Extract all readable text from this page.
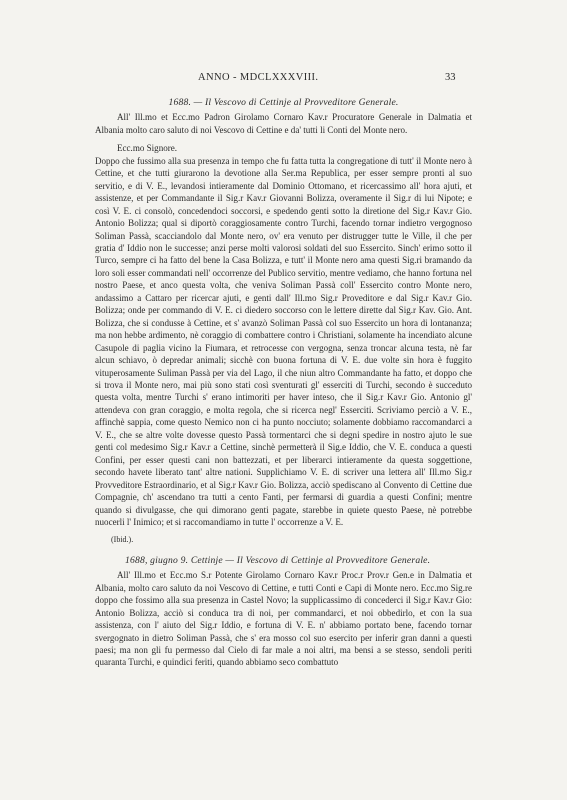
ANNO - MDCLXXXVIII.	33

1688. — Il Vescovo di Cettinje al Provveditore Generale.

All' Ill.mo et Ecc.mo Padron Girolamo Cornaro Kav.r Procuratore Generale in Dalmatia et Albania molto caro saluto di noi Vescovo di Cettine e da' tutti li Conti del Monte nero.

Ecc.mo Signore.

Doppo che fussimo alla sua presenza in tempo che fu fatta tutta la congregatione di tutt' il Monte nero à Cettine, et che tutti giurarono la devotione alla Ser.ma Republica, per esser sempre pronti al suo servitio, e di V. E., levandosi intieramente dal Dominio Ottomano, et ricercassimo all' hora ajuti, et assistenze, et per Commandante il Sig.r Kav.r Giovanni Bolizza, overamente il Sig.r di lui Nipote; e così V. E. ci consolò, concedendoci soccorsi, e spedendo genti sotto la diretione del Sig.r Kav.r Gio. Antonio Bolizza; qual si diportò coraggiosamente contro Turchi, facendo tornar indietro vergognoso Soliman Passà, scacciandolo dal Monte nero, ov' era venuto per distrugger tutte le Ville, il che per gratia d' Iddio non le successe; anzi perse molti valorosi soldati del suo Essercito. Sinch' erimo sotto il Turco, sempre ci ha fatto del bene la Casa Bolizza, e tutt' il Monte nero ama questi Sig.ri bramando da loro soli esser commandati nell' occorrenze del Publico servitio, mentre vediamo, che hanno fortuna nel nostro Paese, et anco questa volta, che veniva Soliman Passà coll' Essercito contro Monte nero, andassimo a Cattaro per ricercar ajuti, e genti dall' Ill.mo Sig.r Proveditore e dal Sig.r Kav.r Gio. Bolizza; onde per commando di V. E. ci diedero soccorso con le lettere dirette dal Sig.r Kav. Gio. Ant. Bolizza, che si condusse à Cettine, et s' avanzò Soliman Passà col suo Essercito un hora di lontananza; ma non hebbe ardimento, nè coraggio di combattere contro i Christiani, solamente ha incendiato alcune Casupole di paglia vicino la Fiumara, et retrocesse con vergogna, senza troncar alcuna testa, nè far alcun schiavo, ò depredar animali; sicchè con buona fortuna di V. E. due volte sin hora è fuggito vituperosamente Suliman Passà per via del Lago, il che niun altro Commandante ha fatto, et doppo che si trova il Monte nero, mai più sono stati così sventurati gl' esserciti di Turchi, secondo è succeduto questa volta, mentre Turchi s' erano intimoriti per haver inteso, che il Sig.r Kav.r Gio. Antonio gl' attendeva con gran coraggio, e molta regola, che si ricerca negl' Esserciti. Scriviamo perciò a V. E., affinchè sappia, come questo Nemico non ci ha punto nocciuto; solamente dobbiamo raccomandarci a V. E., che se altre volte dovesse questo Passà tormentarci che si degni spedire in nostro ajuto le sue genti col medesimo Sig.r Kav.r a Cettine, sinchè permetterà il Sig.e Iddio, che V. E. conduca a questi Confini, per esser questi cani non battezzati, et per liberarci intieramente da questa soggettione, secondo havete liberato tant' altre nationi. Supplichiamo V. E. di scriver una lettera all' Ill.mo Sig.r Provveditore Estraordinario, et al Sig.r Kav.r Gio. Bolizza, acciò spediscano al Convento di Cettine due Compagnie, ch' ascendano tra tutti a cento Fanti, per fermarsi di guardia a questi Confini; mentre quando si divulgasse, che qui dimorano genti pagate, starebbe in quiete questo Paese, nè potrebbe nuocerli l' Inimico; et si raccomandiamo in tutte l' occorrenze a V. E.

(Ibid.).

1688, giugno 9. Cettinje — Il Vescovo di Cettinje al Provveditore Generale.

All' Ill.mo et Ecc.mo S.r Potente Girolamo Cornaro Kav.r Proc.r Prov.r Gen.e in Dalmatia et Albania, molto caro saluto da noi Vescovo di Cettine, e tutti Conti e Capi di Monte nero. Ecc.mo Sig.re doppo che fossimo alla sua presenza in Castel Novo; la supplicassimo di concederci il Sig.r Kav.r Gio: Antonio Bolizza, acciò si conduca tra di noi, per commandarci, et noi obbedirlo, et con la sua assistenza, con l' aiuto del Sig.r Iddio, e fortuna di V. E. n' abbiamo portato bene, facendo tornar svergognato in dietro Soliman Passà, che s' era mosso col suo esercito per inferir gran danni a questi paesi; ma non gli fu permesso dal Cielo di far male a noi altri, ma bensi a se stesso, sendoli periti quaranta Turchi, e quindici feriti, quando abbiamo seco combattuto
